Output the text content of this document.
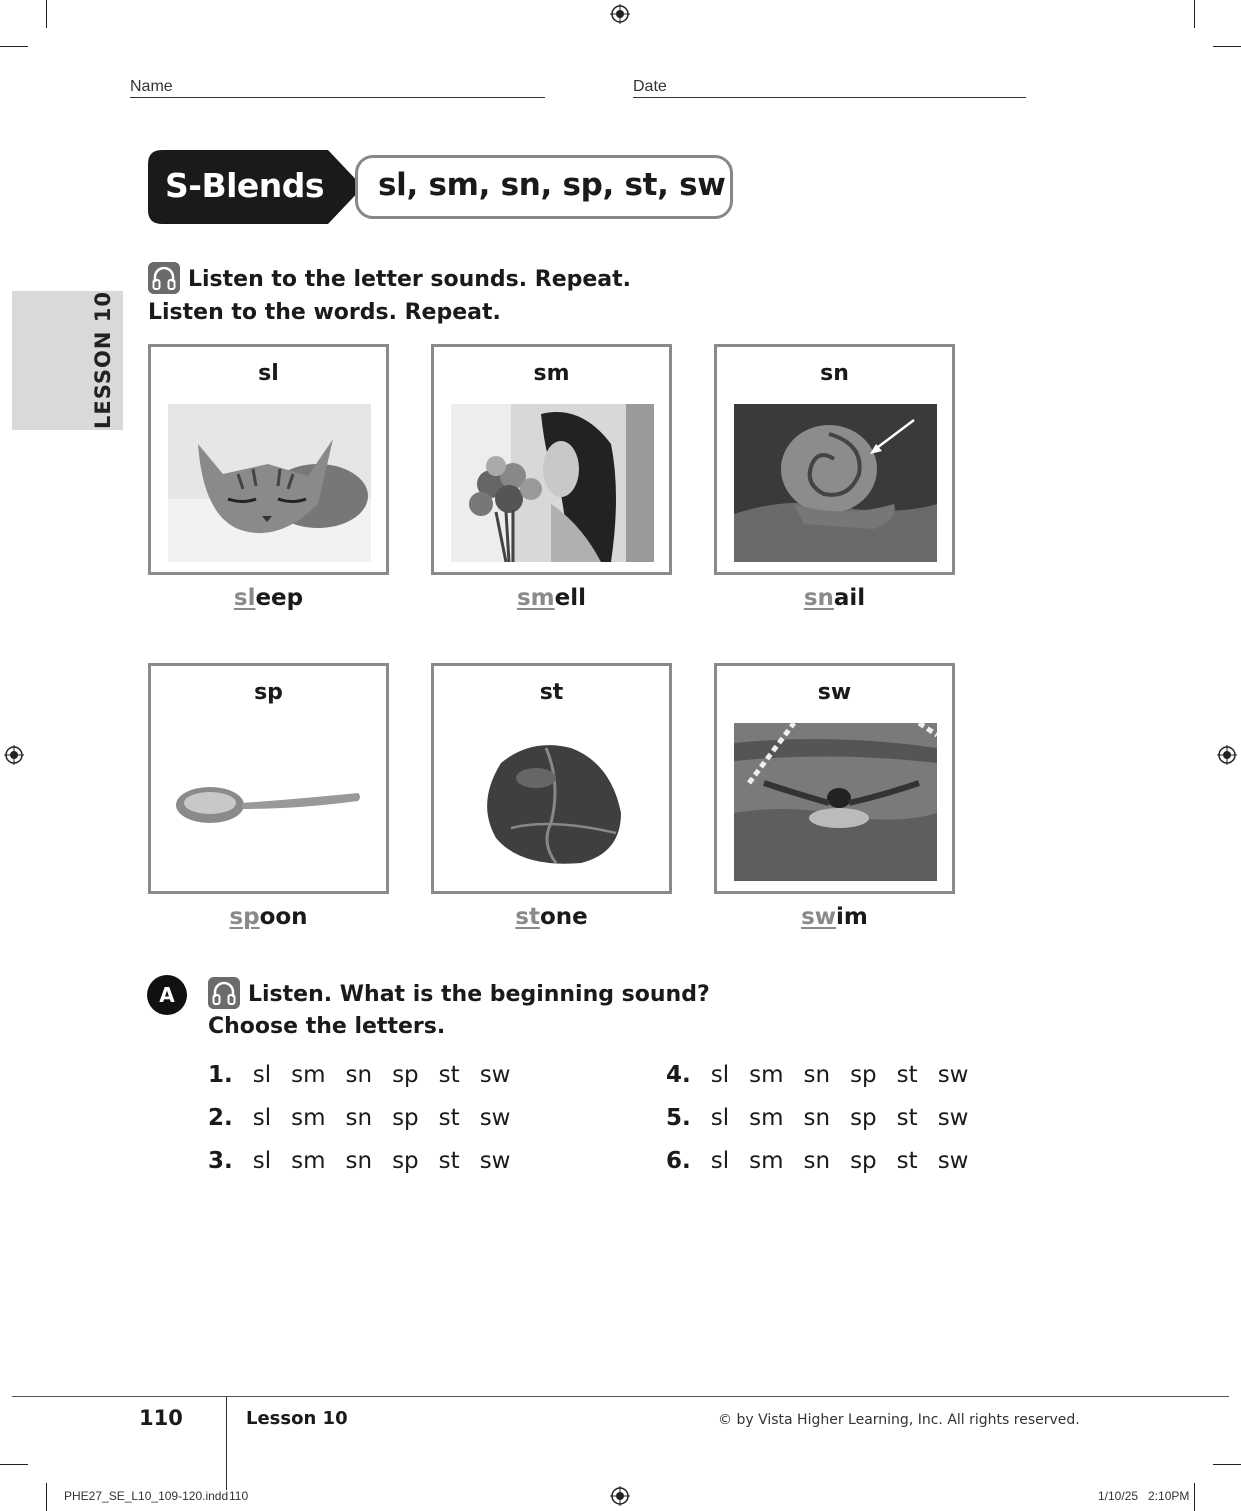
Name	Date
S-Blends sl, sm, sn, sp, st, sw
LESSON 10
Listen to the letter sounds. Repeat.
Listen to the words. Repeat.
sl
sleep
sm
smell
sn
snail
sp
spoon
st
stone
sw
swim
A	Listen. What is the beginning sound?
Choose the letters.
1. sl sm sn sp st sw
2. sl sm sn sp st sw
3. sl sm sn sp st sw
4. sl sm sn sp st sw
5. sl sm sn sp st sw
6. sl sm sn sp st sw
110	Lesson 10	© by Vista Higher Learning, Inc. All rights reserved.
PHE27_SE_L10_109-120.indd 110	1/10/25   2:10PM
